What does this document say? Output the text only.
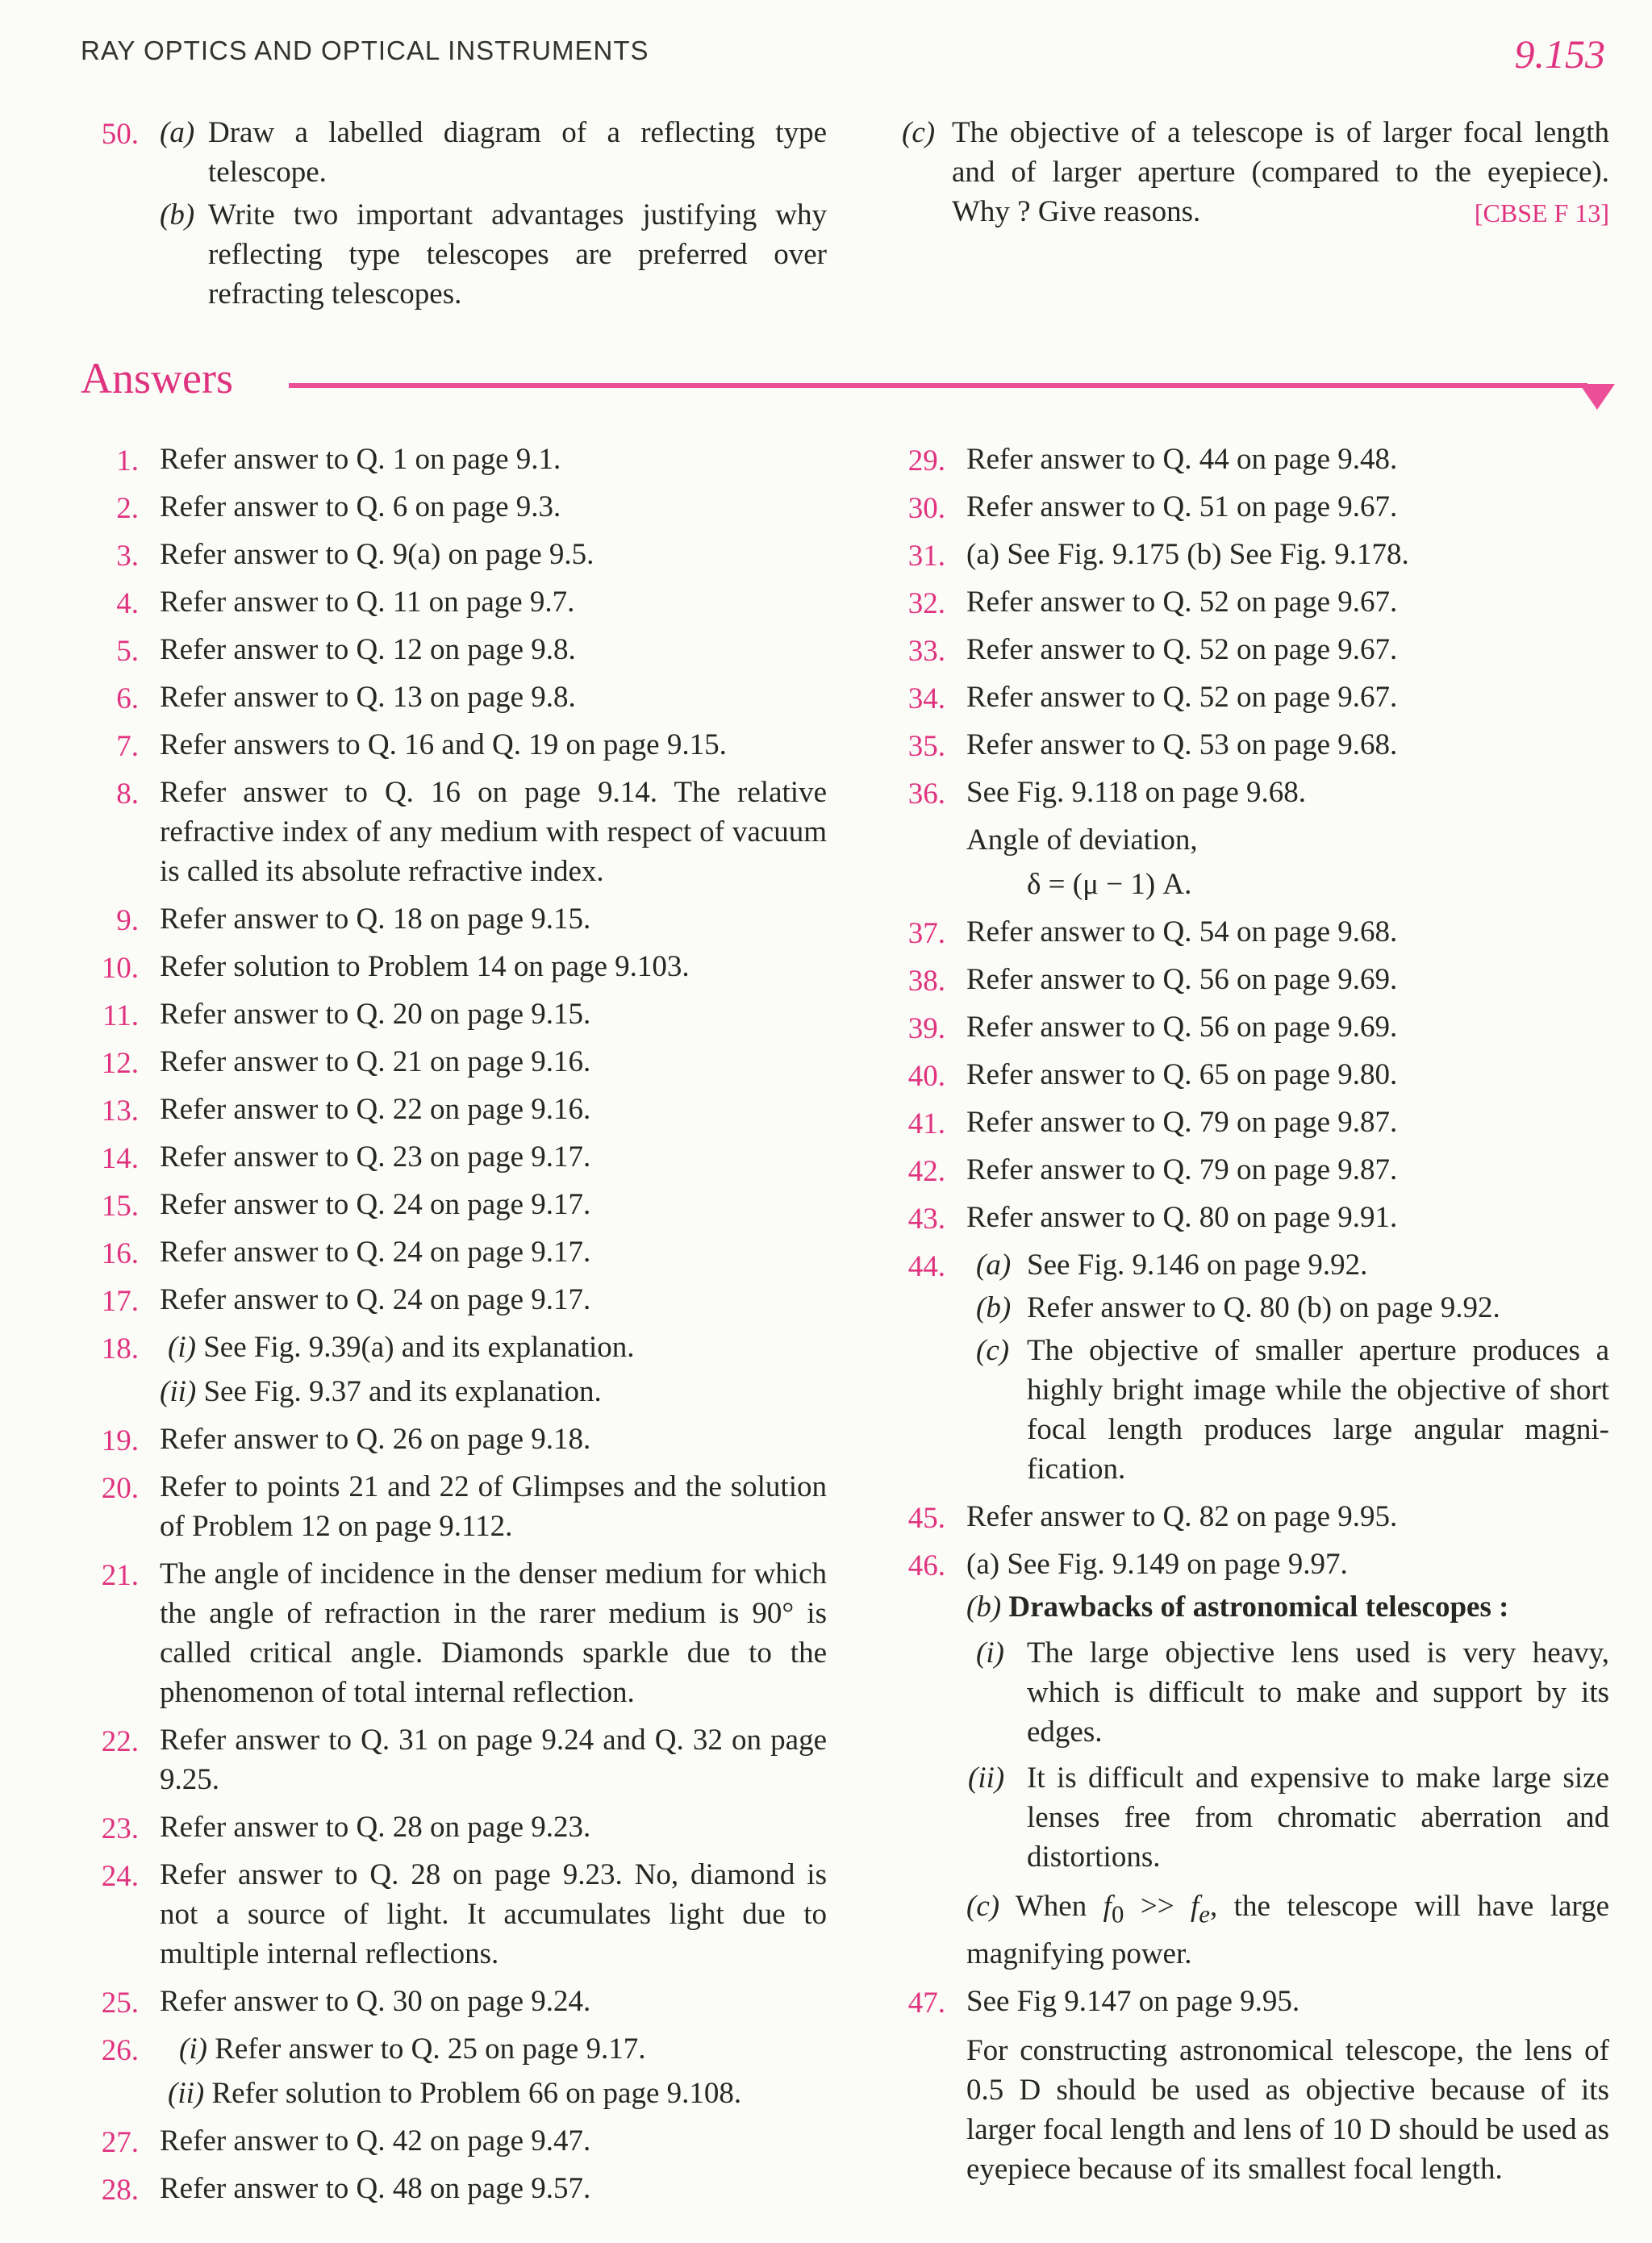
RAY OPTICS AND OPTICAL INSTRUMENTS	9.153
50. (a) Draw a labelled diagram of a reflecting type telescope.
(b) Write two important advantages justifying why reflecting type telescopes are preferred over refracting telescopes.
(c) The objective of a telescope is of larger focal length and of larger aperture (compared to the eyepiece). Why ? Give reasons.	[CBSE F 13]
Answers
1. Refer answer to Q. 1 on page 9.1.
2. Refer answer to Q. 6 on page 9.3.
3. Refer answer to Q. 9(a) on page 9.5.
4. Refer answer to Q. 11 on page 9.7.
5. Refer answer to Q. 12 on page 9.8.
6. Refer answer to Q. 13 on page 9.8.
7. Refer answers to Q. 16 and Q. 19 on page 9.15.
8. Refer answer to Q. 16 on page 9.14. The relative refractive index of any medium with respect of vacuum is called its absolute refractive index.
9. Refer answer to Q. 18 on page 9.15.
10. Refer solution to Problem 14 on page 9.103.
11. Refer answer to Q. 20 on page 9.15.
12. Refer answer to Q. 21 on page 9.16.
13. Refer answer to Q. 22 on page 9.16.
14. Refer answer to Q. 23 on page 9.17.
15. Refer answer to Q. 24 on page 9.17.
16. Refer answer to Q. 24 on page 9.17.
17. Refer answer to Q. 24 on page 9.17.
18. (i) See Fig. 9.39(a) and its explanation.
(ii) See Fig. 9.37 and its explanation.
19. Refer answer to Q. 26 on page 9.18.
20. Refer to points 21 and 22 of Glimpses and the solution of Problem 12 on page 9.112.
21. The angle of incidence in the denser medium for which the angle of refraction in the rarer medium is 90° is called critical angle. Diamonds sparkle due to the phenomenon of total internal reflection.
22. Refer answer to Q. 31 on page 9.24 and Q. 32 on page 9.25.
23. Refer answer to Q. 28 on page 9.23.
24. Refer answer to Q. 28 on page 9.23. No, diamond is not a source of light. It accumulates light due to multiple internal reflections.
25. Refer answer to Q. 30 on page 9.24.
26.	(i) Refer answer to Q. 25 on page 9.17.
(ii) Refer solution to Problem 66 on page 9.108.
27. Refer answer to Q. 42 on page 9.47.
28. Refer answer to Q. 48 on page 9.57.
29. Refer answer to Q. 44 on page 9.48.
30. Refer answer to Q. 51 on page 9.67.
31. (a) See Fig. 9.175 (b) See Fig. 9.178.
32. Refer answer to Q. 52 on page 9.67.
33. Refer answer to Q. 52 on page 9.67.
34. Refer answer to Q. 52 on page 9.67.
35. Refer answer to Q. 53 on page 9.68.
36. See Fig. 9.118 on page 9.68.
Angle of deviation,
δ = (μ − 1) A.
37. Refer answer to Q. 54 on page 9.68.
38. Refer answer to Q. 56 on page 9.69.
39. Refer answer to Q. 56 on page 9.69.
40. Refer answer to Q. 65 on page 9.80.
41. Refer answer to Q. 79 on page 9.87.
42. Refer answer to Q. 79 on page 9.87.
43. Refer answer to Q. 80 on page 9.91.
44. (a) See Fig. 9.146 on page 9.92.
(b) Refer answer to Q. 80 (b) on page 9.92.
(c) The objective of smaller aperture produces a highly bright image while the objective of short focal length produces large angular magni-fication.
45. Refer answer to Q. 82 on page 9.95.
46. (a) See Fig. 9.149 on page 9.97.
(b) Drawbacks of astronomical telescopes :
(i) The large objective lens used is very heavy, which is difficult to make and support by its edges.
(ii) It is difficult and expensive to make large size lenses free from chromatic aberration and distortions.
(c) When $f_0 >> f_e$, the telescope will have large magnifying power.
47. See Fig 9.147 on page 9.95.
For constructing astronomical telescope, the lens of 0.5 D should be used as objective because of its larger focal length and lens of 10 D should be used as eyepiece because of its smallest focal length.
